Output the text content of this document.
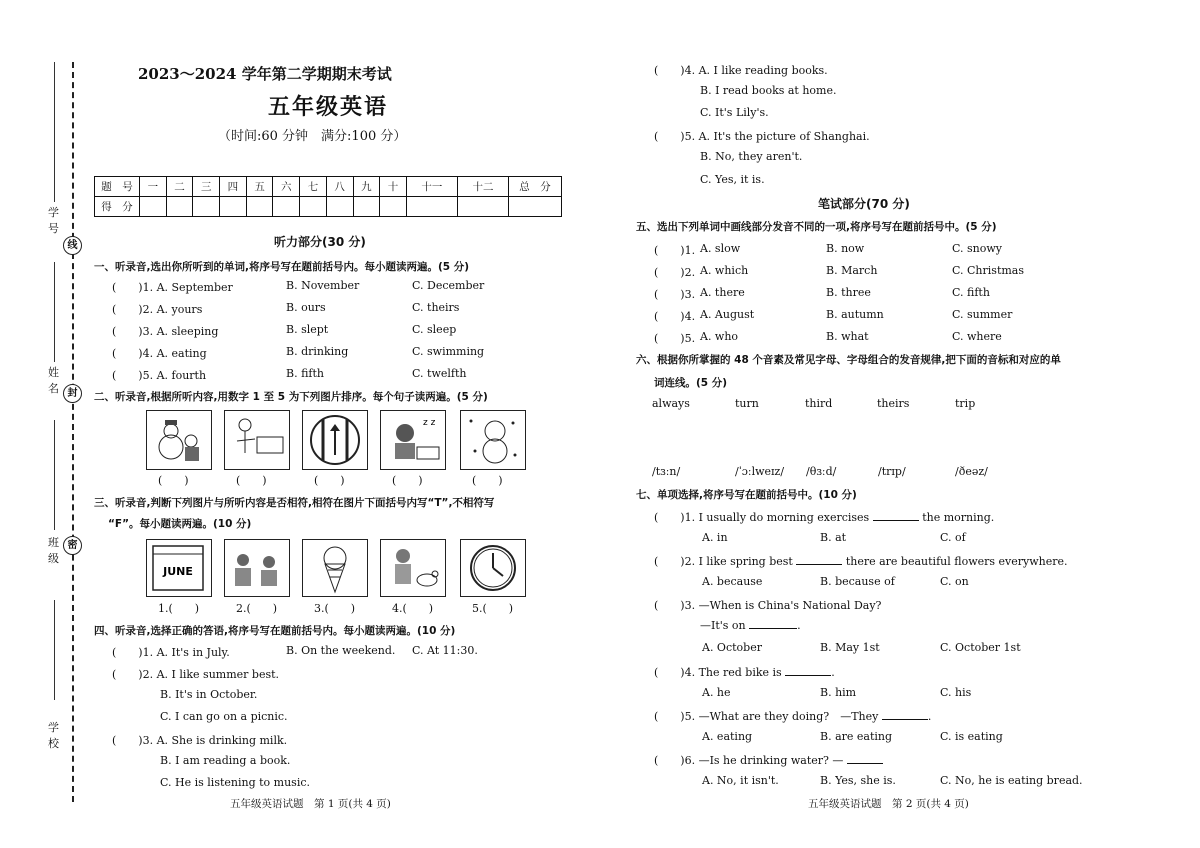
学 号
姓 名
班 级
学 校
线
封
密
2023～2024 学年第二学期期末考试
五年级英语
（时间:60 分钟　满分:100 分）
题　号	一	二	三	四	五	六	七	八	九	十	十一	十二	总　分
得　分													
听力部分(30 分)
一、听录音,选出你所听到的单词,将序号写在题前括号内。每小题读两遍。(5 分)
(　　)1. A. September	B. November	C. December
(　　)2. A. yours	B. ours	C. theirs
(　　)3. A. sleeping	B. slept	C. sleep
(　　)4. A. eating	B. drinking	C. swimming
(　　)5. A. fourth	B. fifth	C. twelfth
二、听录音,根据所听内容,用数字 1 至 5 为下列图片排序。每个句子读两遍。(5 分)
z z
(　　)	(　　)	(　　)	(　　)	(　　)
三、听录音,判断下列图片与所听内容是否相符,相符在图片下面括号内写“T”,不相符写
“F”。每小题读两遍。(10 分)
JUNE
1.(　　)	2.(　　)	3.(　　)	4.(　　)	5.(　　)
四、听录音,选择正确的答语,将序号写在题前括号内。每小题读两遍。(10 分)
(　　)1. A. It's in July.	B. On the weekend. C. At 11:30.
(　　)2. A. I like summer best.
B. It's in October.
C. I can go on a picnic.
(　　)3. A. She is drinking milk.
B. I am reading a book.
C. He is listening to music.
五年级英语试题　第 1 页(共 4 页)
(　　)4. A. I like reading books.
B. I read books at home.
C. It's Lily's.
(　　)5. A. It's the picture of Shanghai.
B. No, they aren't.
C. Yes, it is.
笔试部分(70 分)
五、选出下列单词中画线部分发音不同的一项,将序号写在题前括号中。(5 分)
(　　)1. A. slow	B. now	C. snowy
(　　)2. A. which	B. March	C. Christmas
(　　)3. A. there	B. three	C. fifth
(　　)4. A. August	B. autumn	C. summer
(　　)5. A. who	B. what	C. where
六、根据你所掌握的 48 个音素及常见字母、字母组合的发音规律,把下面的音标和对应的单
词连线。(5 分)
always	turn	third	theirs	trip
/tɜːn/	/ˈɔːlweɪz/ /θɜːd/	/trɪp/	/ðeəz/
七、单项选择,将序号写在题前括号中。(10 分)
(　　)1. I usually do morning exercises	the morning.
A. in	B. at	C. of
(　　)2. I like spring best	there are beautiful flowers everywhere.
A. because	B. because of	C. on
(　　)3. —When is China's National Day?
—It's on	.
A. October	B. May 1st	C. October 1st
(　　)4. The red bike is	.
A. he	B. him	C. his
(　　)5. —What are they doing?　—They	.
A. eating	B. are eating	C. is eating
(　　)6. —Is he drinking water? —
A. No, it isn't.	B. Yes, she is.	C. No, he is eating bread.
五年级英语试题　第 2 页(共 4 页)
